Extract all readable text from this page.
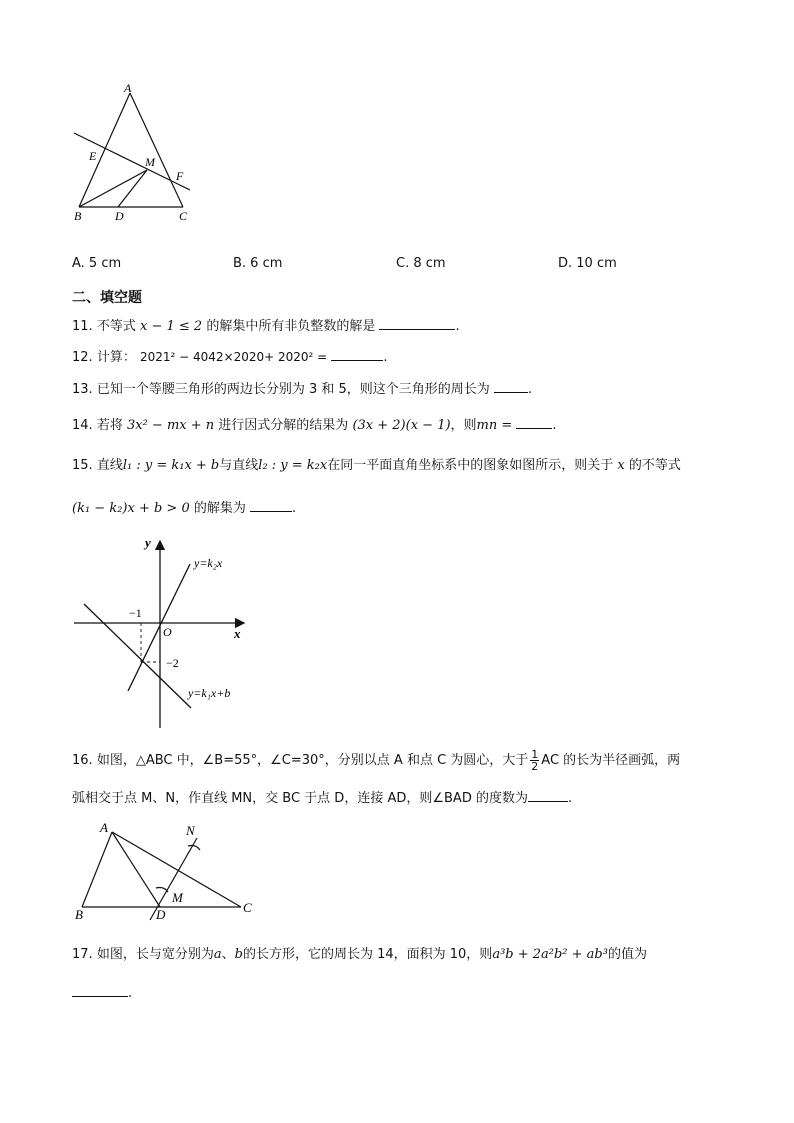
A
E	M
F
B	D	C
A. 5 cm	B. 6 cm	C. 8 cm	D. 10 cm
二、填空题
11. 不等式 x − 1 ≤ 2 的解集中所有非负整数的解是	.
12. 计算： 2021² − 4042×2020+ 2020² =	.
13. 已知一个等腰三角形的两边长分别为 3 和 5，则这个三角形的周长为	.
14. 若将 3x² − mx + n 进行因式分解的结果为 (3x + 2)(x − 1)，则mn =	.
15. 直线l₁ : y = k₁x + b与直线l₂ : y = k₂x在同一平面直角坐标系中的图象如图所示，则关于 x 的不等式
(k₁ − k₂)x + b > 0 的解集为	.
y
x
O
−1
−2
y=k₂x
y=k₁x+b
16. 如图，△ABC 中，∠B=55°，∠C=30°，分别以点 A 和点 C 为圆心，大于 $\frac{1}{2}$ AC 的长为半径画弧，两
弧相交于点 M、N，作直线 MN，交 BC 于点 D，连接 AD，则∠BAD 的度数为	.
A	N
M
B	D	C
17. 如图，长与宽分别为a、b的长方形，它的周长为 14，面积为 10，则a³b + 2a²b² + ab³的值为
.
